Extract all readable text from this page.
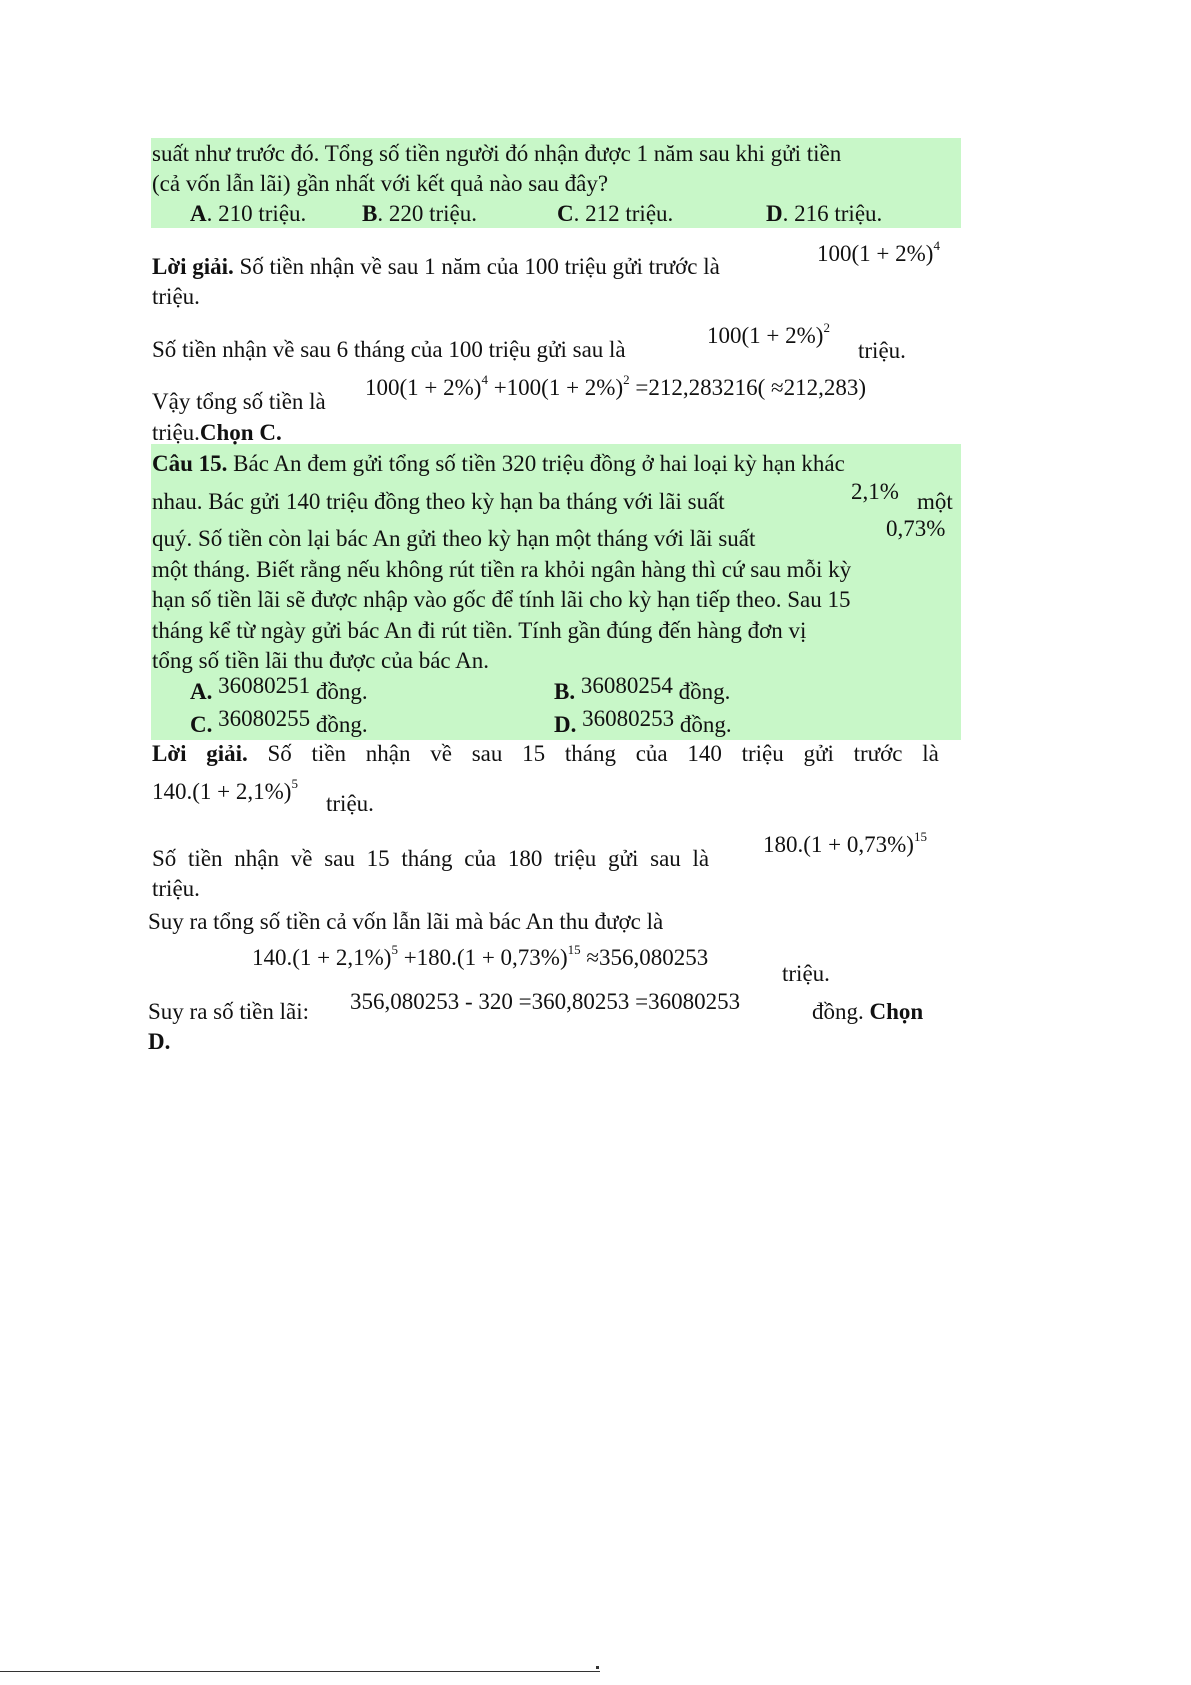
suất như trước đó. Tổng số tiền người đó nhận được 1 năm sau khi gửi tiền
(cả vốn lẫn lãi) gần nhất với kết quả nào sau đây?
A. 210 triệu. B. 220 triệu.	C. 212 triệu.	D. 216 triệu.
Lời giải. Số tiền nhận về sau 1 năm của 100 triệu gửi trước là
$100(1 + 2\%)^4$
triệu.
Số tiền nhận về sau 6 tháng của 100 triệu gửi sau là
$100(1 + 2\%)^2$
triệu.
Vậy tổng số tiền là
$100(1 + 2\%)^4 +100(1 + 2\%)^2 =212,283216( \approx 212,283)$
triệu.Chọn C.
Câu 15. Bác An đem gửi tổng số tiền 320 triệu đồng ở hai loại kỳ hạn khác
nhau. Bác gửi 140 triệu đồng theo kỳ hạn ba tháng với lãi suất	2,1% một
quý. Số tiền còn lại bác An gửi theo kỳ hạn một tháng với lãi suất	0,73%
một tháng. Biết rằng nếu không rút tiền ra khỏi ngân hàng thì cứ sau mỗi kỳ
hạn số tiền lãi sẽ được nhập vào gốc để tính lãi cho kỳ hạn tiếp theo. Sau 15
tháng kể từ ngày gửi bác An đi rút tiền. Tính gần đúng đến hàng đơn vị
tổng số tiền lãi thu được của bác An.
A. 36080251 đồng.	B. 36080254 đồng.
C. 36080255 đồng.	D. 36080253 đồng.
Lời giải. Số tiền nhận về sau 15 tháng của 140 triệu gửi trước là
$140.(1 + 2,1\%)^5$
triệu.
Số tiền nhận về sau 15 tháng của 180 triệu gửi sau là
$180.(1 + 0,73\%)^{15}$
triệu.
Suy ra tổng số tiền cả vốn lẫn lãi mà bác An thu được là
$140.(1 + 2,1\%)^5 +180.(1 + 0,73\%)^{15} \approx 356,080253$
triệu.
Suy ra số tiền lãi: 356,080253 - 320 =360,80253 =36080253	đồng. Chọn
D.
